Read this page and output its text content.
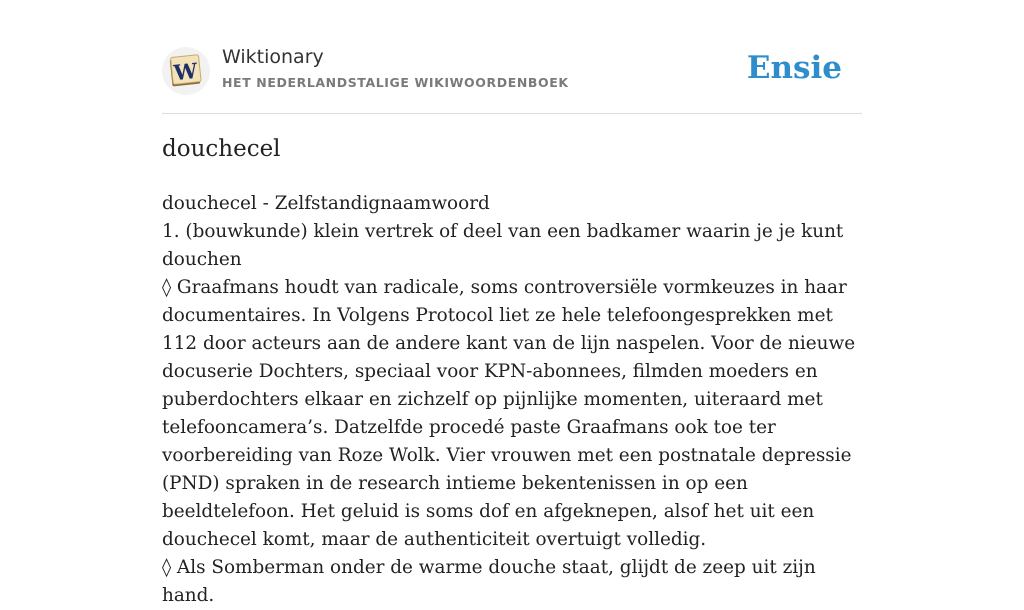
W
Wiktionary
HET NEDERLANDSTALIGE WIKIWOORDENBOEK	Ensie
douchecel

douchecel - Zelfstandignaamwoord

1. (bouwkunde) klein vertrek of deel van een badkamer waarin je je kunt douchen

◊ Graafmans houdt van radicale, soms controversiële vormkeuzes in haar documentaires. In Volgens Protocol liet ze hele telefoongesprekken met 112 door acteurs aan de andere kant van de lijn naspelen. Voor de nieuwe docuserie Dochters, speciaal voor KPN-abonnees, filmden moeders en puberdochters elkaar en zichzelf op pijnlijke momenten, uiteraard met telefooncamera’s. Datzelfde procedé paste Graafmans ook toe ter voorbereiding van Roze Wolk. Vier vrouwen met een postnatale depressie (PND) spraken in de research intieme bekentenissen in op een beeldtelefoon. Het geluid is soms dof en afgeknepen, alsof het uit een douchecel komt, maar de authenticiteit overtuigt volledig.

◊ Als Somberman onder de warme douche staat, glijdt de zeep uit zijn hand.
